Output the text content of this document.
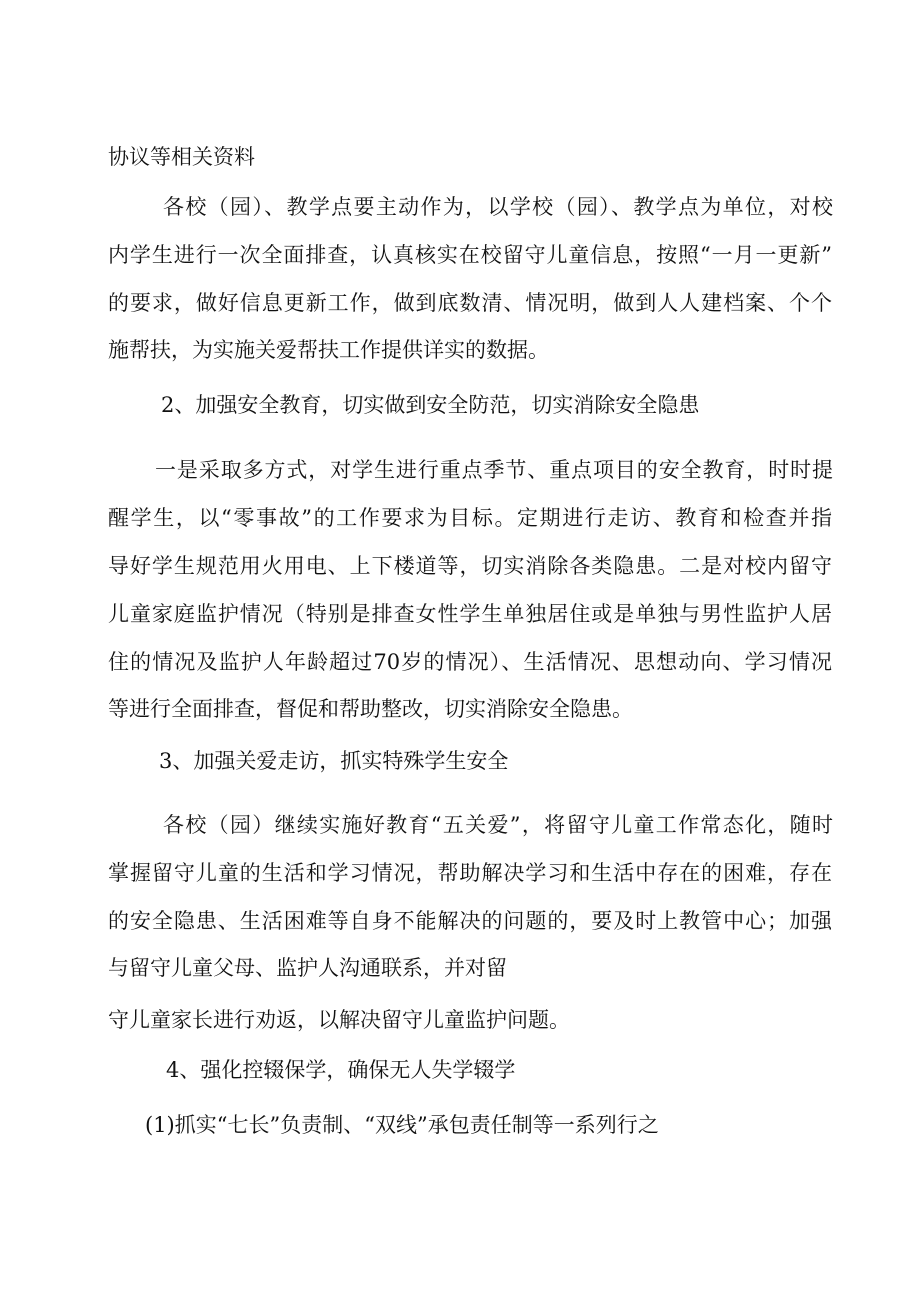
协议等相关资料

各校（园）、教学点要主动作为，以学校（园）、教学点为单位，对校

内学生进行一次全面排查，认真核实在校留守儿童信息，按照“一月一更新”

的要求，做好信息更新工作，做到底数清、情况明，做到人人建档案、个个

施帮扶，为实施关爱帮扶工作提供详实的数据。

2、加强安全教育，切实做到安全防范，切实消除安全隐患

一是采取多方式，对学生进行重点季节、重点项目的安全教育，时时提

醒学生，以“零事故”的工作要求为目标。定期进行走访、教育和检查并指

导好学生规范用火用电、上下楼道等，切实消除各类隐患。二是对校内留守

儿童家庭监护情况（特别是排查女性学生单独居住或是单独与男性监护人居

住的情况及监护人年龄超过70岁的情况）、生活情况、思想动向、学习情况

等进行全面排查，督促和帮助整改，切实消除安全隐患。

3、加强关爱走访，抓实特殊学生安全

各校（园）继续实施好教育“五关爱”，将留守儿童工作常态化，随时

掌握留守儿童的生活和学习情况，帮助解决学习和生活中存在的困难，存在

的安全隐患、生活困难等自身不能解决的问题的，要及时上教管中心；加强

与留守儿童父母、监护人沟通联系，并对留

守儿童家长进行劝返，以解决留守儿童监护问题。

4、强化控辍保学，确保无人失学辍学

(1)抓实“七长”负责制、“双线”承包责任制等一系列行之
